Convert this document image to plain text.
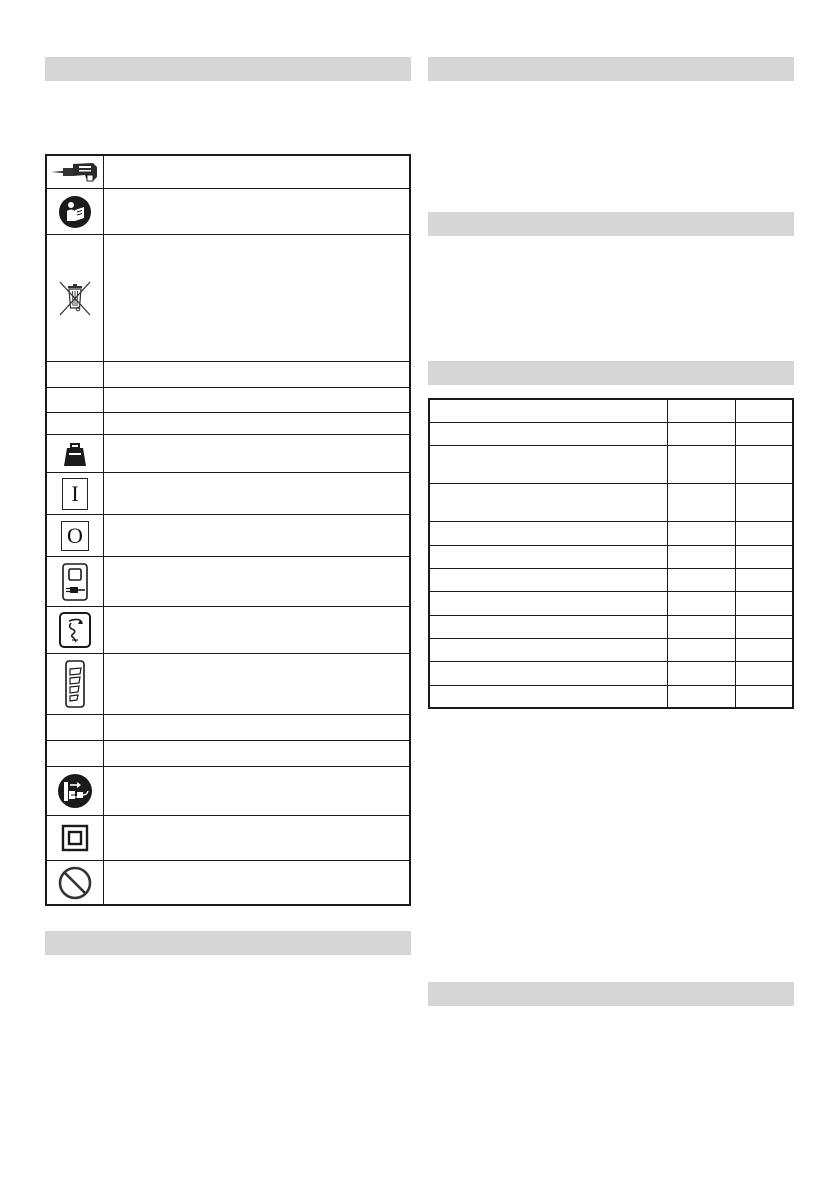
I
O
